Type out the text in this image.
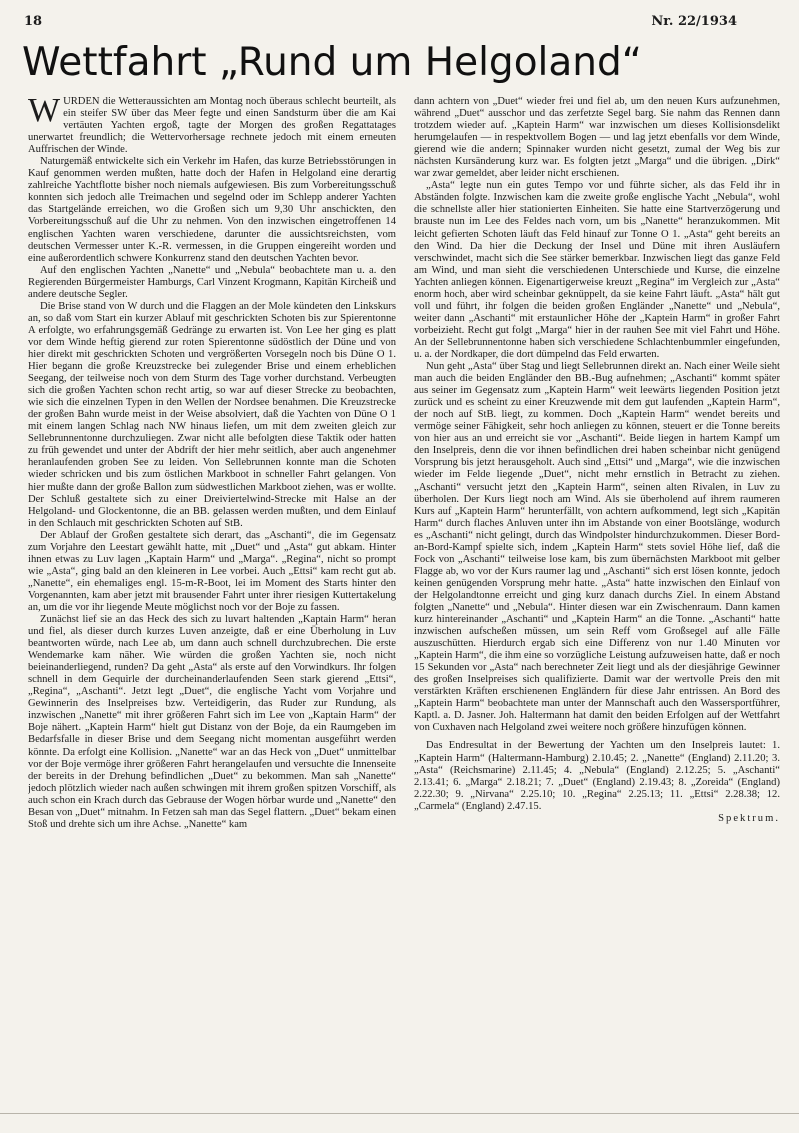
18	Nr. 22/1934
Wettfahrt „Rund um Helgoland“

WURDEN die Wetteraussichten am Montag noch überaus schlecht beurteilt, als ein steifer SW über das Meer fegte und einen Sandsturm über die am Kai vertäuten Yachten ergoß, tagte der Morgen des großen Regattatages unerwartet freundlich; die Wettervorhersage rechnete jedoch mit einem erneuten Auffrischen der Winde.

Naturgemäß entwickelte sich ein Verkehr im Hafen, das kurze Betriebsstörungen in Kauf genommen werden mußten, hatte doch der Hafen in Helgoland eine derartig zahlreiche Yachtflotte bisher noch niemals aufgewiesen. Bis zum Vorbereitungsschuß konnten sich jedoch alle Treimachen und segelnd oder im Schlepp anderer Yachten das Startgelände erreichen, wo die Großen sich um 9,30 Uhr anschickten, den Vorbereitungsschuß auf die Uhr zu nehmen. Von den inzwischen eingetroffenen 14 englischen Yachten waren verschiedene, darunter die aussichtsreichsten, vom deutschen Vermesser unter K.-R. vermessen, in die Gruppen eingereiht worden und eine außerordentlich schwere Konkurrenz stand den deutschen Yachten bevor.

Auf den englischen Yachten „Nanette“ und „Nebula“ beobachtete man u. a. den Regierenden Bürgermeister Hamburgs, Carl Vinzent Krogmann, Kapitän Kircheiß und andere deutsche Segler.

Die Brise stand von W durch und die Flaggen an der Mole kündeten den Linkskurs an, so daß vom Start ein kurzer Ablauf mit geschrickten Schoten bis zur Spierentonne A erfolgte, wo erfahrungsgemäß Gedränge zu erwarten ist. Von Lee her ging es platt vor dem Winde heftig gierend zur roten Spierentonne südöstlich der Düne und von hier direkt mit geschrickten Schoten und vergrößerten Vorsegeln noch bis Düne O 1. Hier begann die große Kreuzstrecke bei zulegender Brise und einem erheblichen Seegang, der teilweise noch von dem Sturm des Tage vorher durchstand. Verbeugten sich die großen Yachten schon recht artig, so war auf dieser Strecke zu beobachten, wie sich die einzelnen Typen in den Wellen der Nordsee benahmen. Die Kreuzstrecke der großen Bahn wurde meist in der Weise absolviert, daß die Yachten von Düne O 1 mit einem langen Schlag nach NW hinaus liefen, um mit dem zweiten gleich zur Sellebrunnentonne durchzuliegen. Zwar nicht alle befolgten diese Taktik oder hatten zu früh gewendet und unter der Abdrift der hier mehr seitlich, aber auch angenehmer heranlaufenden groben See zu leiden. Von Sellebrunnen konnte man die Schoten wieder schricken und bis zum östlichen Markboot in schneller Fahrt gelangen. Von hier mußte dann der große Ballon zum südwestlichen Markboot ziehen, was er wollte. Der Schluß gestaltete sich zu einer Dreiviertelwind-Strecke mit Halse an der Helgoland- und Glockentonne, die an BB. gelassen werden mußten, und dem Einlauf in den Schlauch mit geschrickten Schoten auf StB.

Der Ablauf der Großen gestaltete sich derart, das „Aschanti“, die im Gegensatz zum Vorjahre den Leestart gewählt hatte, mit „Duet“ und „Asta“ gut abkam. Hinter ihnen etwas zu Luv lagen „Kaptain Harm“ und „Marga“. „Regina“, nicht so prompt wie „Asta“, ging bald an den kleineren in Lee vorbei. Auch „Ettsi“ kam recht gut ab. „Nanette“, ein ehemaliges engl. 15-m-R-Boot, lei im Moment des Starts hinter den Vorgenannten, kam aber jetzt mit brausender Fahrt unter ihrer riesigen Kuttertakelung an, um die vor ihr liegende Meute möglichst noch vor der Boje zu fassen.

Zunächst lief sie an das Heck des sich zu luvart haltenden „Kaptain Harm“ heran und fiel, als dieser durch kurzes Luven anzeigte, daß er eine Überholung in Luv beantworten würde, nach Lee ab, um dann auch schnell durchzubrechen. Die erste Wendemarke kam näher. Wie würden die großen Yachten sie, noch nicht beieinanderliegend, runden? Da geht „Asta“ als erste auf den Vorwindkurs. Ihr folgen schnell in dem Gequirle der durcheinanderlaufenden Seen stark gierend „Ettsi“, „Regina“, „Aschanti“. Jetzt legt „Duet“, die englische Yacht vom Vorjahre und Gewinnerin des Inselpreises bzw. Verteidigerin, das Ruder zur Rundung, als inzwischen „Nanette“ mit ihrer größeren Fahrt sich im Lee von „Kaptain Harm“ der Boje nähert. „Kaptein Harm“ hielt gut Distanz von der Boje, da ein Raumgeben im Bedarfsfalle in dieser Brise und dem Seegang nicht momentan ausgeführt werden könnte. Da erfolgt eine Kollision. „Nanette“ war an das Heck von „Duet“ unmittelbar vor der Boje vermöge ihrer größeren Fahrt herangelaufen und versuchte die Innenseite der bereits in der Drehung befindlichen „Duet“ zu bekommen. Man sah „Nanette“ jedoch plötzlich wieder nach außen schwingen mit ihrem großen spitzen Vorschiff, als auch schon ein Krach durch das Gebrause der Wogen hörbar wurde und „Nanette“ den Besan von „Duet“ mitnahm. In Fetzen sah man das Segel flattern. „Duet“ bekam einen Stoß und drehte sich um ihre Achse. „Nanette“ kam

dann achtern von „Duet“ wieder frei und fiel ab, um den neuen Kurs aufzunehmen, während „Duet“ ausschor und das zerfetzte Segel barg. Sie nahm das Rennen dann trotzdem wieder auf. „Kaptein Harm“ war inzwischen um dieses Kollisionsdelikt herumgelaufen — in respektvollem Bogen — und lag jetzt ebenfalls vor dem Winde, gierend wie die andern; Spinnaker wurden nicht gesetzt, zumal der Weg bis zur nächsten Kursänderung kurz war. Es folgten jetzt „Marga“ und die übrigen. „Dirk“ war zwar gemeldet, aber leider nicht erschienen.

„Asta“ legte nun ein gutes Tempo vor und führte sicher, als das Feld ihr in Abständen folgte. Inzwischen kam die zweite große englische Yacht „Nebula“, wohl die schnellste aller hier stationierten Einheiten. Sie hatte eine Startverzögerung und brauste nun im Lee des Feldes nach vorn, um bis „Nanette“ heranzukommen. Mit leicht gefierten Schoten läuft das Feld hinauf zur Tonne O 1. „Asta“ geht bereits an den Wind. Da hier die Deckung der Insel und Düne mit ihren Ausläufern verschwindet, macht sich die See stärker bemerkbar. Inzwischen liegt das ganze Feld am Wind, und man sieht die verschiedenen Unterschiede und Kurse, die einzelne Yachten anliegen können. Eigenartigerweise kreuzt „Regina“ im Vergleich zur „Asta“ enorm hoch, aber wird scheinbar geknüppelt, da sie keine Fahrt läuft. „Asta“ hält gut voll und führt, ihr folgen die beiden großen Engländer „Nanette“ und „Nebula“, weiter dann „Aschanti“ mit erstaunlicher Höhe der „Kaptein Harm“ in großer Fahrt vorbeizieht. Recht gut folgt „Marga“ hier in der rauhen See mit viel Fahrt und Höhe. An der Sellebrunnentonne haben sich verschiedene Schlachtenbummler eingefunden, u. a. der Nordkaper, die dort dümpelnd das Feld erwarten.

Nun geht „Asta“ über Stag und liegt Sellebrunnen direkt an. Nach einer Weile sieht man auch die beiden Engländer den BB.-Bug aufnehmen; „Aschanti“ kommt später aus seiner im Gegensatz zum „Kaptein Harm“ weit leewärts liegenden Position jetzt zurück und es scheint zu einer Kreuzwende mit dem gut laufenden „Kaptein Harm“, der noch auf StB. liegt, zu kommen. Doch „Kaptein Harm“ wendet bereits und vermöge seiner Fähigkeit, sehr hoch anliegen zu können, steuert er die Tonne bereits von hier aus an und erreicht sie vor „Aschanti“. Beide liegen in hartem Kampf um den Inselpreis, denn die vor ihnen befindlichen drei haben scheinbar nicht genügend Vorsprung bis jetzt herausgeholt. Auch sind „Ettsi“ und „Marga“, wie die inzwischen wieder im Felde liegende „Duet“, nicht mehr ernstlich in Betracht zu ziehen. „Aschanti“ versucht jetzt den „Kaptein Harm“, seinen alten Rivalen, in Luv zu überholen. Der Kurs liegt noch am Wind. Als sie überholend auf ihrem raumeren Kurs auf „Kaptein Harm“ herunterfällt, von achtern aufkommend, legt sich „Kapitän Harm“ durch flaches Anluven unter ihn im Abstande von einer Bootslänge, wodurch es „Aschanti“ nicht gelingt, durch das Windpolster hindurchzukommen. Dieser Bord-an-Bord-Kampf spielte sich, indem „Kaptein Harm“ stets soviel Höhe lief, daß die Fock von „Aschanti“ teilweise lose kam, bis zum übernächsten Markboot mit gelber Flagge ab, wo vor der Kurs raumer lag und „Aschanti“ sich erst lösen konnte, jedoch keinen genügenden Vorsprung mehr hatte. „Asta“ hatte inzwischen den Einlauf von der Helgolandtonne erreicht und ging kurz danach durchs Ziel. In einem Abstand folgten „Nanette“ und „Nebula“. Hinter diesen war ein Zwischenraum. Dann kamen kurz hintereinander „Aschanti“ und „Kaptein Harm“ an die Tonne. „Aschanti“ hatte inzwischen aufscheßen müssen, um sein Reff vom Großsegel auf alle Fälle auszuschütten. Hierdurch ergab sich eine Differenz von nur 1.40 Minuten vor „Kaptein Harm“, die ihm eine so vorzügliche Leistung aufzuweisen hatte, daß er noch 15 Sekunden vor „Asta“ nach berechneter Zeit liegt und als der diesjährige Gewinner des großen Inselpreises sich qualifizierte. Damit war der wertvolle Preis den mit verstärkten Kräften erschienenen Engländern für diese Jahr entrissen. An Bord des „Kaptein Harm“ beobachtete man unter der Mannschaft auch den Wassersportführer, Kaptl. a. D. Jasner. Joh. Haltermann hat damit den beiden Erfolgen auf der Wettfahrt von Cuxhaven nach Helgoland zwei weitere noch größere hinzufügen können.

Das Endresultat in der Bewertung der Yachten um den Inselpreis lautet: 1. „Kaptein Harm“ (Haltermann-Hamburg) 2.10.45; 2. „Nanette“ (England) 2.11.20; 3. „Asta“ (Reichsmarine) 2.11.45; 4. „Nebula“ (England) 2.12.25; 5. „Aschanti“ 2.13.41; 6. „Marga“ 2.18.21; 7. „Duet“ (England) 2.19.43; 8. „Zoreida“ (England) 2.22.30; 9. „Nirvana“ 2.25.10; 10. „Regina“ 2.25.13; 11. „Ettsi“ 2.28.38; 12. „Carmela“ (England) 2.47.15.

Spektrum.
